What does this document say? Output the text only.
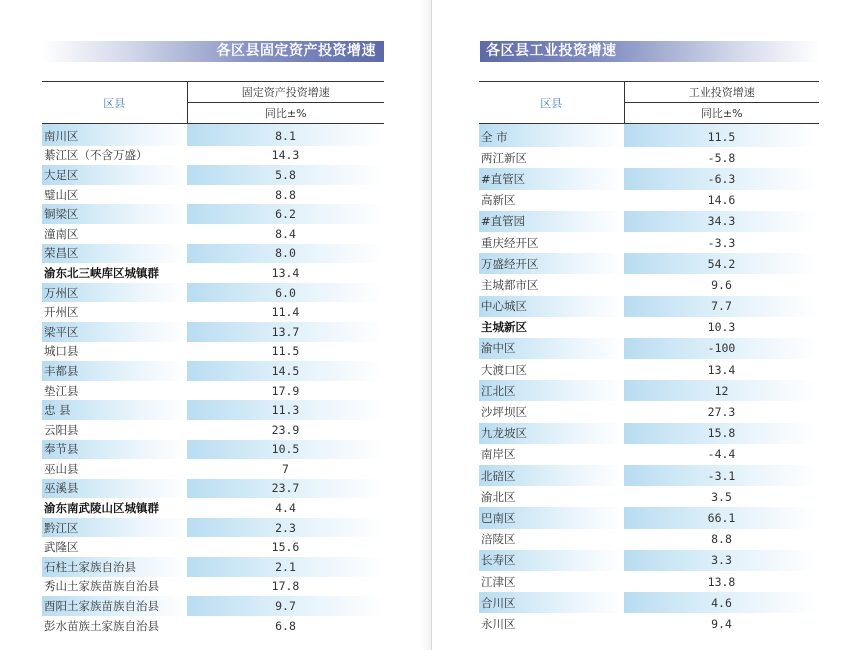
各区县固定资产投资增速
区县	固定资产投资增速
	同比±%
南川区	8.1
綦江区（不含万盛）	14.3
大足区	5.8
璧山区	8.8
铜梁区	6.2
潼南区	8.4
荣昌区	8.0
渝东北三峡库区城镇群	13.4
万州区	6.0
开州区	11.4
梁平区	13.7
城口县	11.5
丰都县	14.5
垫江县	17.9
忠 县	11.3
云阳县	23.9
奉节县	10.5
巫山县	7
巫溪县	23.7
渝东南武陵山区城镇群	4.4
黔江区	2.3
武隆区	15.6
石柱土家族自治县	2.1
秀山土家族苗族自治县	17.8
酉阳土家族苗族自治县	9.7
彭水苗族土家族自治县	6.8
各区县工业投资增速
区县	工业投资增速
	同比±%
全 市	11.5
两江新区	-5.8
#直管区	-6.3
高新区	14.6
#直管园	34.3
重庆经开区	-3.3
万盛经开区	54.2
主城都市区	9.6
中心城区	7.7
主城新区	10.3
渝中区	-100
大渡口区	13.4
江北区	12
沙坪坝区	27.3
九龙坡区	15.8
南岸区	-4.4
北碚区	-3.1
渝北区	3.5
巴南区	66.1
涪陵区	8.8
长寿区	3.3
江津区	13.8
合川区	4.6
永川区	9.4
